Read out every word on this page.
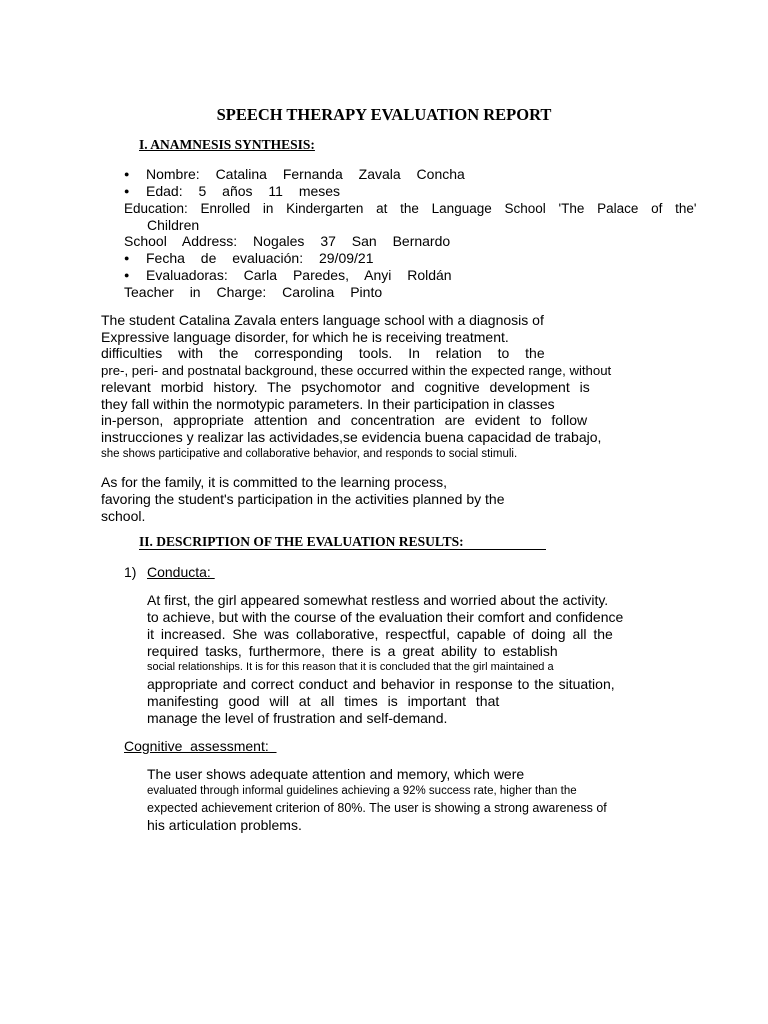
SPEECH THERAPY EVALUATION REPORT
I. ANAMNESIS SYNTHESIS:

● Nombre: Catalina Fernanda Zavala Concha

● Edad: 5 años 11 meses

Education: Enrolled in Kindergarten at the Language School 'The Palace of the'

Children

School Address: Nogales 37 San Bernardo

● Fecha de evaluación: 29/09/21

● Evaluadoras: Carla Paredes, Anyi Roldán

Teacher in Charge: Carolina Pinto

The student Catalina Zavala enters language school with a diagnosis of

Expressive language disorder, for which he is receiving treatment.

difficulties with the corresponding tools. In relation to the

pre-, peri- and postnatal background, these occurred within the expected range, without

relevant morbid history. The psychomotor and cognitive development is

they fall within the normotypic parameters. In their participation in classes

in-person, appropriate attention and concentration are evident to follow

instrucciones y realizar las actividades,se evidencia buena capacidad de trabajo,

she shows participative and collaborative behavior, and responds to social stimuli.

As for the family, it is committed to the learning process,

favoring the student's participation in the activities planned by the

school.

II. DESCRIPTION OF THE EVALUATION RESULTS:

1) Conducta:

At first, the girl appeared somewhat restless and worried about the activity.

to achieve, but with the course of the evaluation their comfort and confidence

it increased. She was collaborative, respectful, capable of doing all the

required tasks, furthermore, there is a great ability to establish

social relationships. It is for this reason that it is concluded that the girl maintained a

appropriate and correct conduct and behavior in response to the situation,

manifesting good will at all times is important that

manage the level of frustration and self-demand.

Cognitive  assessment:

The user shows adequate attention and memory, which were

evaluated through informal guidelines achieving a 92% success rate, higher than the

expected achievement criterion of 80%. The user is showing a strong awareness of

his articulation problems.
